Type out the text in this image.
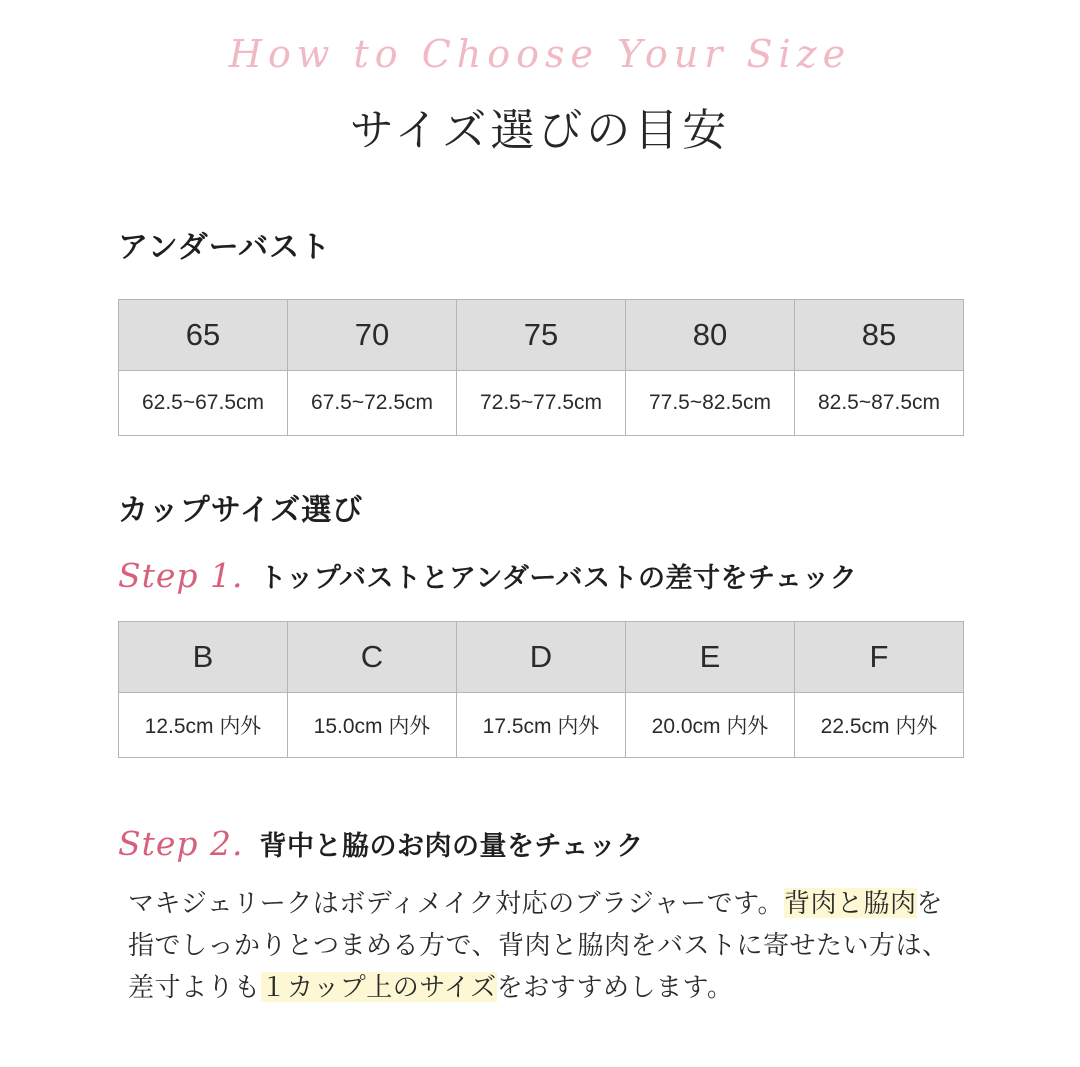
How to Choose Your Size
サイズ選びの目安
アンダーバスト
65	70	75	80	85
62.5~67.5cm	67.5~72.5cm	72.5~77.5cm	77.5~82.5cm	82.5~87.5cm
カップサイズ選び
Step 1. トップバストとアンダーバストの差寸をチェック
B	C	D	E	F
12.5cm 内外	15.0cm 内外	17.5cm 内外	20.0cm 内外	22.5cm 内外
Step 2. 背中と脇のお肉の量をチェック
マキジェリークはボディメイク対応のブラジャーです。背肉と脇肉を指でしっかりとつまめる方で、背肉と脇肉をバストに寄せたい方は、差寸よりも１カップ上のサイズをおすすめします。
